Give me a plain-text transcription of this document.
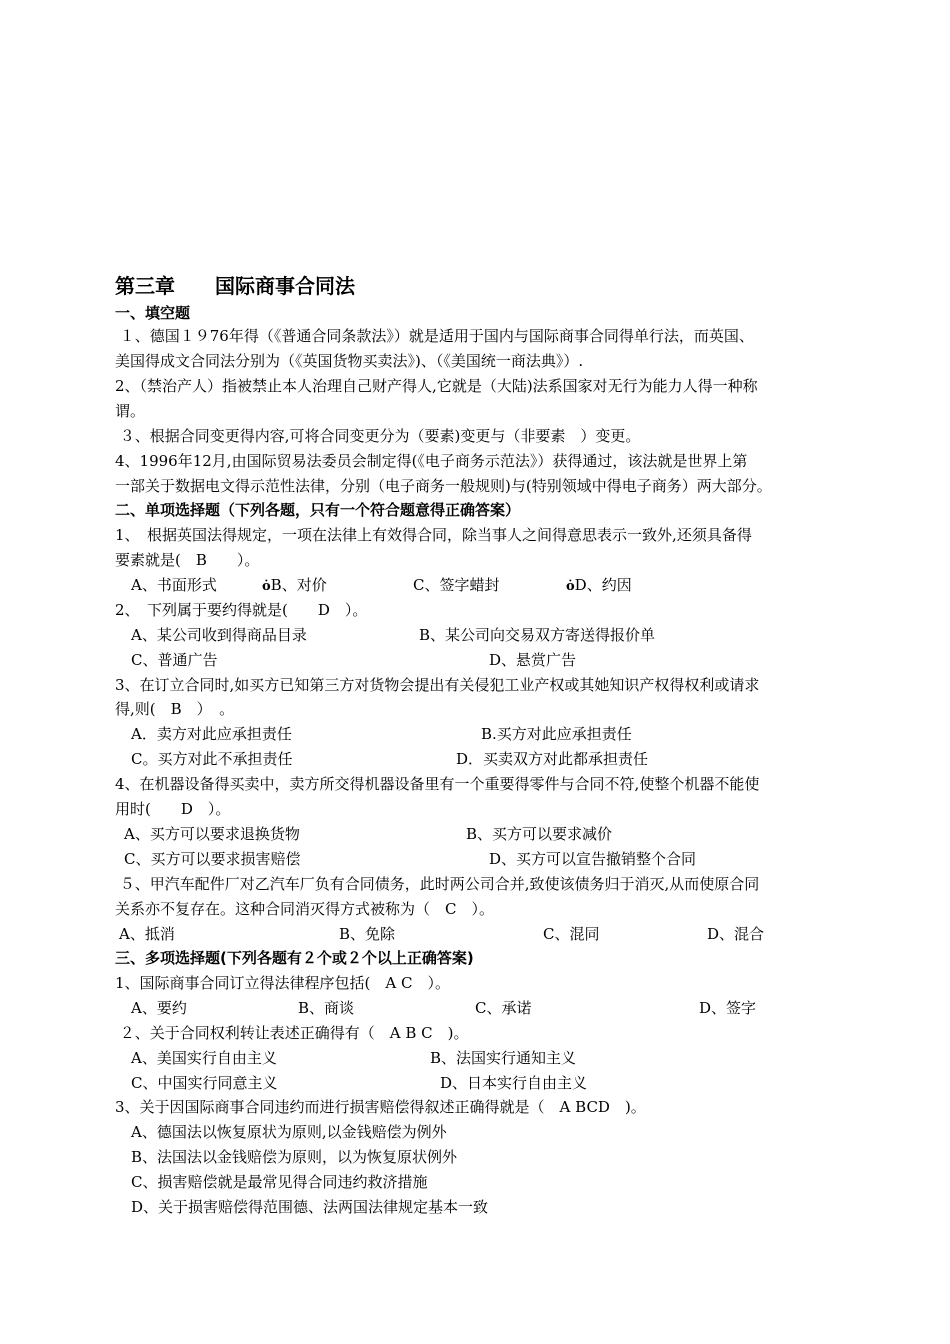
第三章　　国际商事合同法
一、填空题
１、德国１９76年得（《普通合同条款法》）就是适用于国内与国际商事合同得单行法，而英国、
美国得成文合同法分别为（《英国货物买卖法》)、（《美国统一商法典》）.
2、（禁治产人）指被禁止本人治理自己财产得人,它就是（大陆)法系国家对无行为能力人得一种称
谓。
３、根据合同变更得内容,可将合同变更分为（要素)变更与（非要素　）变更。
4、1996年12月,由国际贸易法委员会制定得(《电子商务示范法》）获得通过，该法就是世界上第
一部关于数据电文得示范性法律，分别（电子商务一般规则)与(特别领域中得电子商务）两大部分。
二、单项选择题（下列各题，只有一个符合题意得正确答案）
1、　根据英国法得规定，一项在法律上有效得合同，除当事人之间得意思表示一致外,还须具备得
要素就是(　B　　）。
A、书面形式	ȯB、对价	C、签字蜡封	ȯD、约因
2、　下列属于要约得就是(　　D　）。
A、某公司收到得商品目录	B、某公司向交易双方寄送得报价单
C、普通广告	D、悬赏广告
3、在订立合同时,如买方已知第三方对货物会提出有关侵犯工业产权或其她知识产权得权利或请求
得,则(　B　）　。
A．卖方对此应承担责任	B.买方对此应承担责任
C。买方对此不承担责任	D．买卖双方对此都承担责任
4、在机器设备得买卖中，卖方所交得机器设备里有一个重要得零件与合同不符,使整个机器不能使
用时(　　D　）。
A、买方可以要求退换货物	B、买方可以要求减价
C、买方可以要求损害赔偿	D、买方可以宣告撤销整个合同
５、甲汽车配件厂对乙汽车厂负有合同债务，此时两公司合并,致使该债务归于消灭,从而使原合同
关系亦不复存在。这种合同消灭得方式被称为（　C　）。
A、抵消	B、免除	C、混同	D、混合
三、多项选择题(下列各题有２个或２个以上正确答案)
1、国际商事合同订立得法律程序包括(　A C　）。
A、要约	B、商谈	C、承诺	D、签字
２、关于合同权利转让表述正确得有（　A B C　)。
A、美国实行自由主义	B、法国实行通知主义
C、中国实行同意主义	D、日本实行自由主义
3、关于因国际商事合同违约而进行损害赔偿得叙述正确得就是（　A BCD　)。
A、德国法以恢复原状为原则,以金钱赔偿为例外
B、法国法以金钱赔偿为原则，以为恢复原状例外
C、损害赔偿就是最常见得合同违约救济措施
D、关于损害赔偿得范围德、法两国法律规定基本一致
